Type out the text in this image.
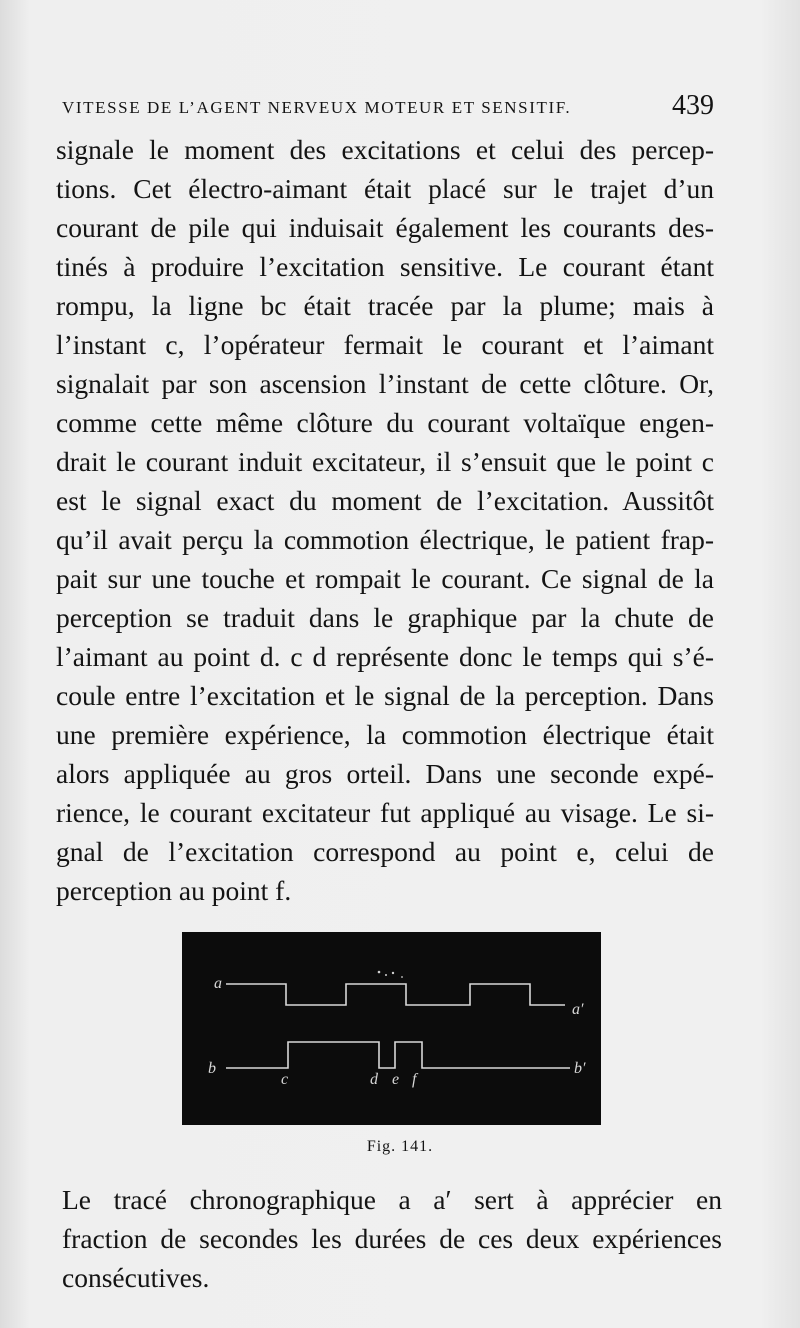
VITESSE DE L’AGENT NERVEUX MOTEUR ET SENSITIF.	439
signale le moment des excitations et celui des percep-
tions. Cet électro-aimant était placé sur le trajet d’un
courant de pile qui induisait également les courants des-
tinés à produire l’excitation sensitive. Le courant étant
rompu, la ligne bc était tracée par la plume; mais à
l’instant c, l’opérateur fermait le courant et l’aimant
signalait par son ascension l’instant de cette clôture. Or,
comme cette même clôture du courant voltaïque engen-
drait le courant induit excitateur, il s’ensuit que le point c
est le signal exact du moment de l’excitation. Aussitôt
qu’il avait perçu la commotion électrique, le patient frap-
pait sur une touche et rompait le courant. Ce signal de la
perception se traduit dans le graphique par la chute de
l’aimant au point d. c d représente donc le temps qui s’é-
coule entre l’excitation et le signal de la perception. Dans
une première expérience, la commotion électrique était
alors appliquée au gros orteil. Dans une seconde expé-
rience, le courant excitateur fut appliqué au visage. Le si-
gnal de l’excitation correspond au point e, celui de
perception au point f.
a
a′
b	b′
c	d e f
Fig. 141.
Le tracé chronographique a a′ sert à apprécier en
fraction de secondes les durées de ces deux expériences
consécutives.
